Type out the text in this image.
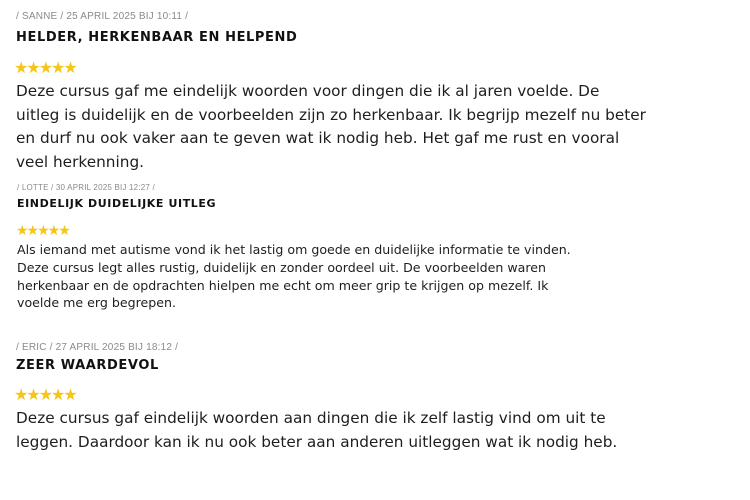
/ SANNE / 25 APRIL 2025 BIJ 10:11 /
HELDER, HERKENBAAR EN HELPEND
★★★★★

Deze cursus gaf me eindelijk woorden voor dingen die ik al jaren voelde. De uitleg is duidelijk en de voorbeelden zijn zo herkenbaar. Ik begrijp mezelf nu beter en durf nu ook vaker aan te geven wat ik nodig heb. Het gaf me rust en vooral veel herkenning.

/ LOTTE / 30 APRIL 2025 BIJ 12:27 /
EINDELIJK DUIDELIJKE UITLEG
★★★★★

Als iemand met autisme vond ik het lastig om goede en duidelijke informatie te vinden. Deze cursus legt alles rustig, duidelijk en zonder oordeel uit. De voorbeelden waren herkenbaar en de opdrachten hielpen me echt om meer grip te krijgen op mezelf. Ik voelde me erg begrepen.

/ ERIC / 27 APRIL 2025 BIJ 18:12 /
ZEER WAARDEVOL
★★★★★

Deze cursus gaf eindelijk woorden aan dingen die ik zelf lastig vind om uit te leggen. Daardoor kan ik nu ook beter aan anderen uitleggen wat ik nodig heb.
